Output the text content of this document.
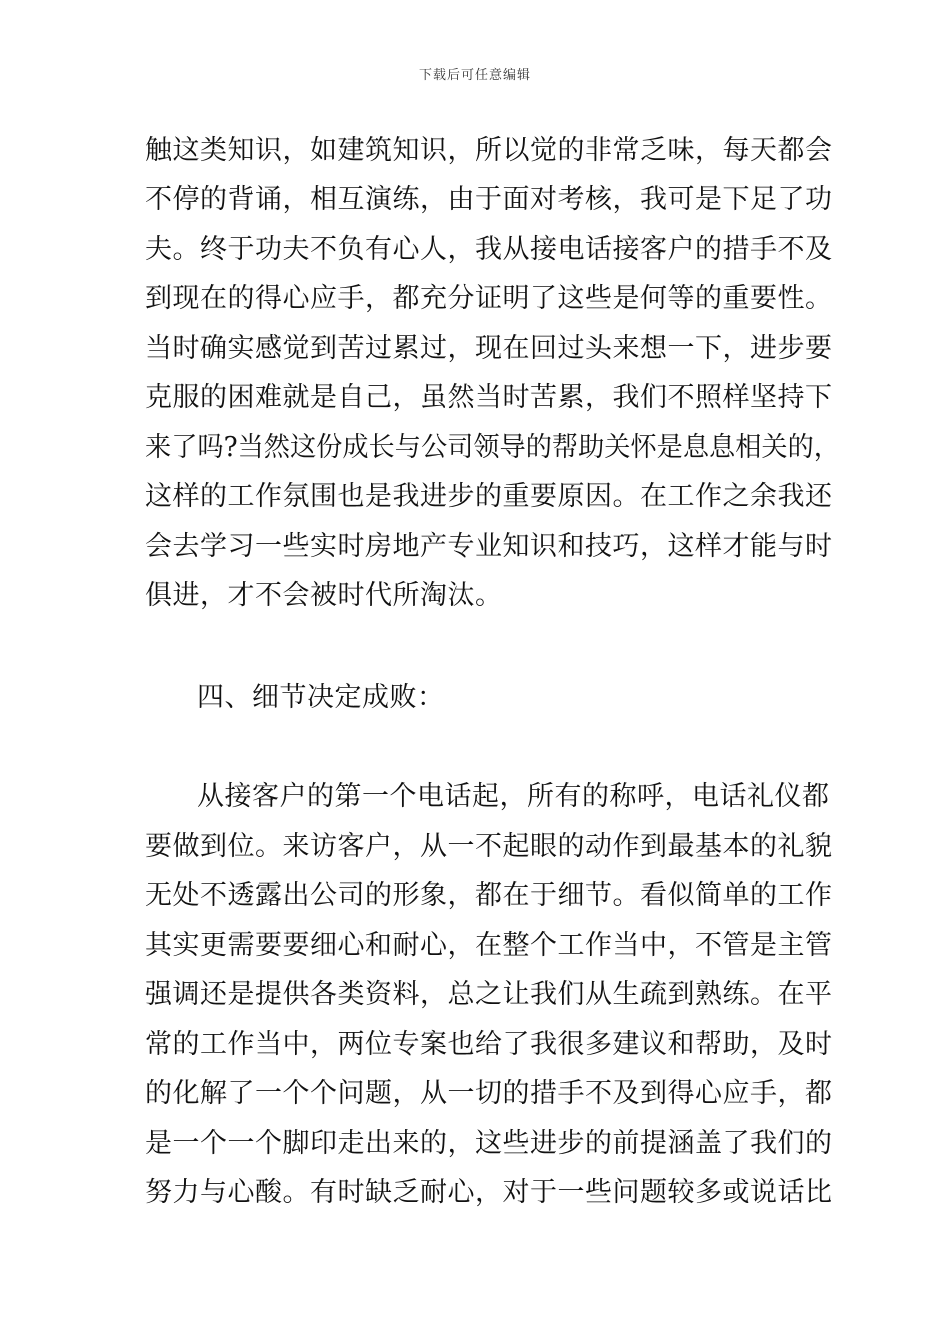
下载后可任意编辑
触这类知识，如建筑知识，所以觉的非常乏味，每天都会
不停的背诵，相互演练，由于面对考核，我可是下足了功
夫。终于功夫不负有心人，我从接电话接客户的措手不及
到现在的得心应手，都充分证明了这些是何等的重要性。
当时确实感觉到苦过累过，现在回过头来想一下，进步要
克服的困难就是自己，虽然当时苦累，我们不照样坚持下
来了吗?当然这份成长与公司领导的帮助关怀是息息相关的，
这样的工作氛围也是我进步的重要原因。在工作之余我还
会去学习一些实时房地产专业知识和技巧，这样才能与时
俱进，才不会被时代所淘汰。
四、细节决定成败：
从接客户的第一个电话起，所有的称呼，电话礼仪都
要做到位。来访客户，从一不起眼的动作到最基本的礼貌
无处不透露出公司的形象，都在于细节。看似简单的工作
其实更需要要细心和耐心，在整个工作当中，不管是主管
强调还是提供各类资料，总之让我们从生疏到熟练。在平
常的工作当中，两位专案也给了我很多建议和帮助，及时
的化解了一个个问题，从一切的措手不及到得心应手，都
是一个一个脚印走出来的，这些进步的前提涵盖了我们的
努力与心酸。有时缺乏耐心，对于一些问题较多或说话比
